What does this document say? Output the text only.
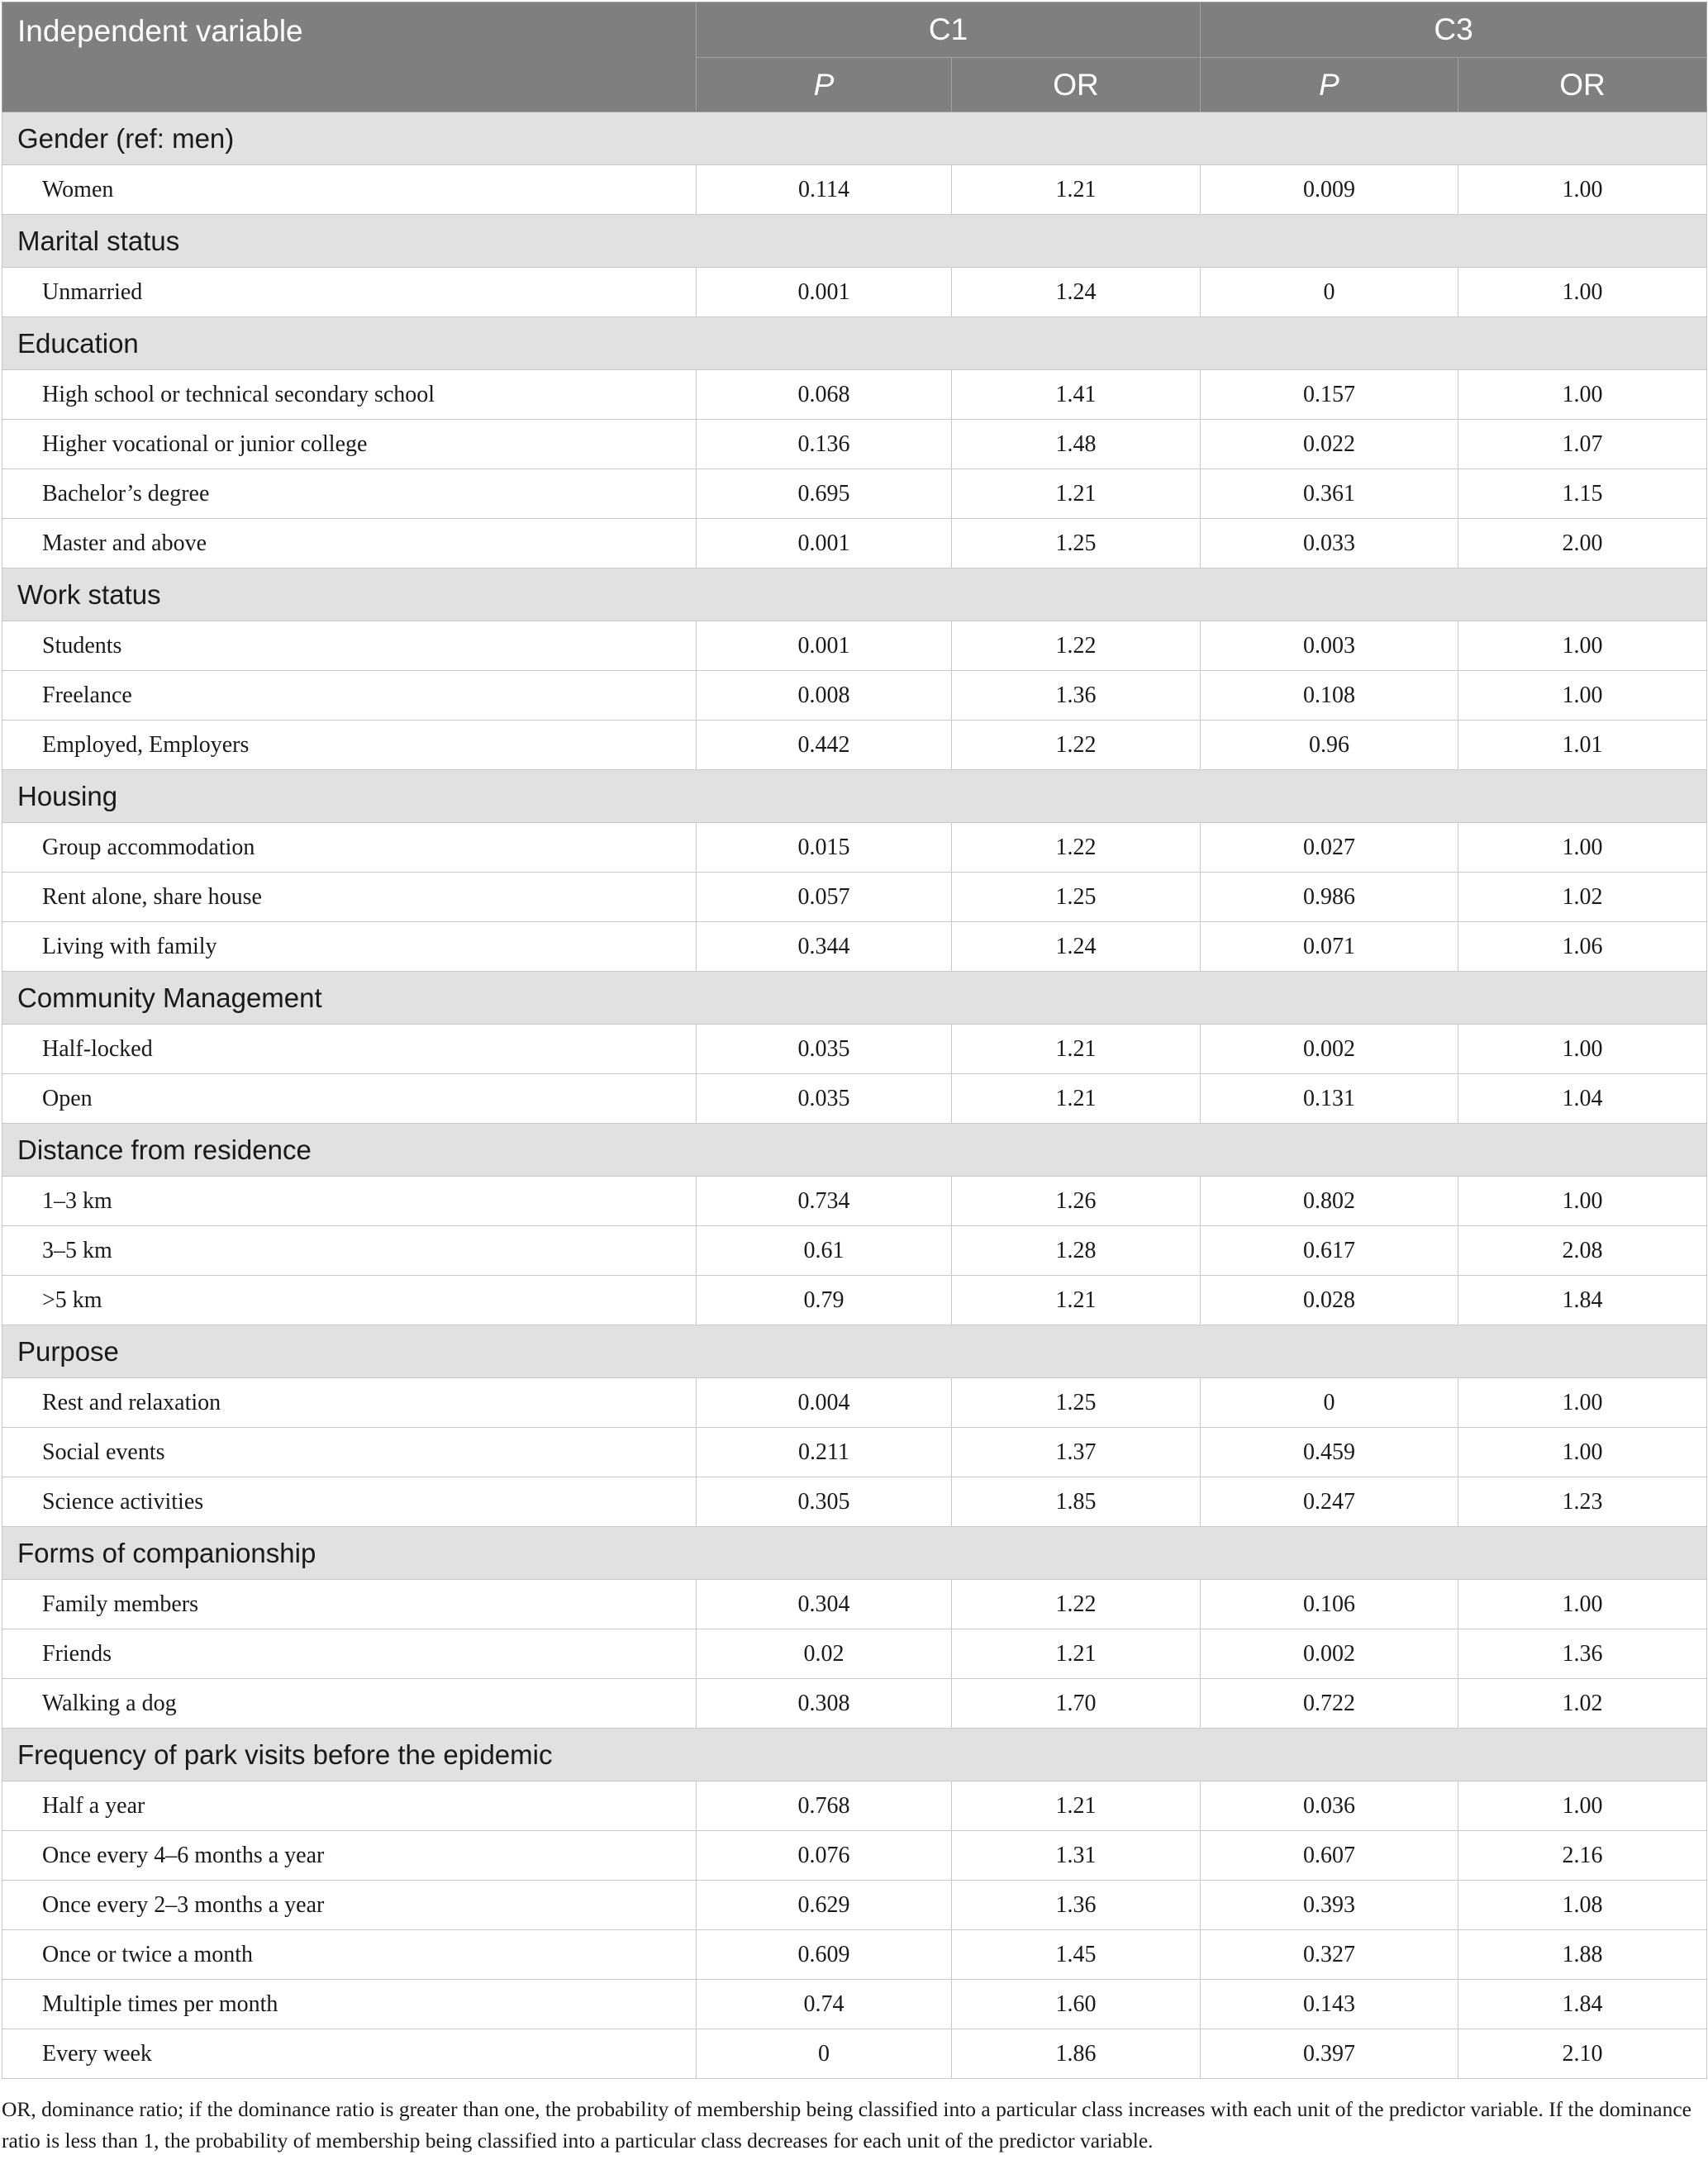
Independent variable	C1		C3	
	P	OR	P	OR
Gender (ref: men)				
Women	0.114	1.21	0.009	1.00
Marital status				
Unmarried	0.001	1.24	0	1.00
Education				
High school or technical secondary school	0.068	1.41	0.157	1.00
Higher vocational or junior college	0.136	1.48	0.022	1.07
Bachelor’s degree	0.695	1.21	0.361	1.15
Master and above	0.001	1.25	0.033	2.00
Work status				
Students	0.001	1.22	0.003	1.00
Freelance	0.008	1.36	0.108	1.00
Employed, Employers	0.442	1.22	0.96	1.01
Housing				
Group accommodation	0.015	1.22	0.027	1.00
Rent alone, share house	0.057	1.25	0.986	1.02
Living with family	0.344	1.24	0.071	1.06
Community Management				
Half-locked	0.035	1.21	0.002	1.00
Open	0.035	1.21	0.131	1.04
Distance from residence				
1–3 km	0.734	1.26	0.802	1.00
3–5 km	0.61	1.28	0.617	2.08
>5 km	0.79	1.21	0.028	1.84
Purpose				
Rest and relaxation	0.004	1.25	0	1.00
Social events	0.211	1.37	0.459	1.00
Science activities	0.305	1.85	0.247	1.23
Forms of companionship				
Family members	0.304	1.22	0.106	1.00
Friends	0.02	1.21	0.002	1.36
Walking a dog	0.308	1.70	0.722	1.02
Frequency of park visits before the epidemic				
Half a year	0.768	1.21	0.036	1.00
Once every 4–6 months a year	0.076	1.31	0.607	2.16
Once every 2–3 months a year	0.629	1.36	0.393	1.08
Once or twice a month	0.609	1.45	0.327	1.88
Multiple times per month	0.74	1.60	0.143	1.84
Every week	0	1.86	0.397	2.10
OR, dominance ratio; if the dominance ratio is greater than one, the probability of membership being classified into a particular class increases with each unit of the predictor variable. If the dominance ratio is less than 1, the probability of membership being classified into a particular class decreases for each unit of the predictor variable.
